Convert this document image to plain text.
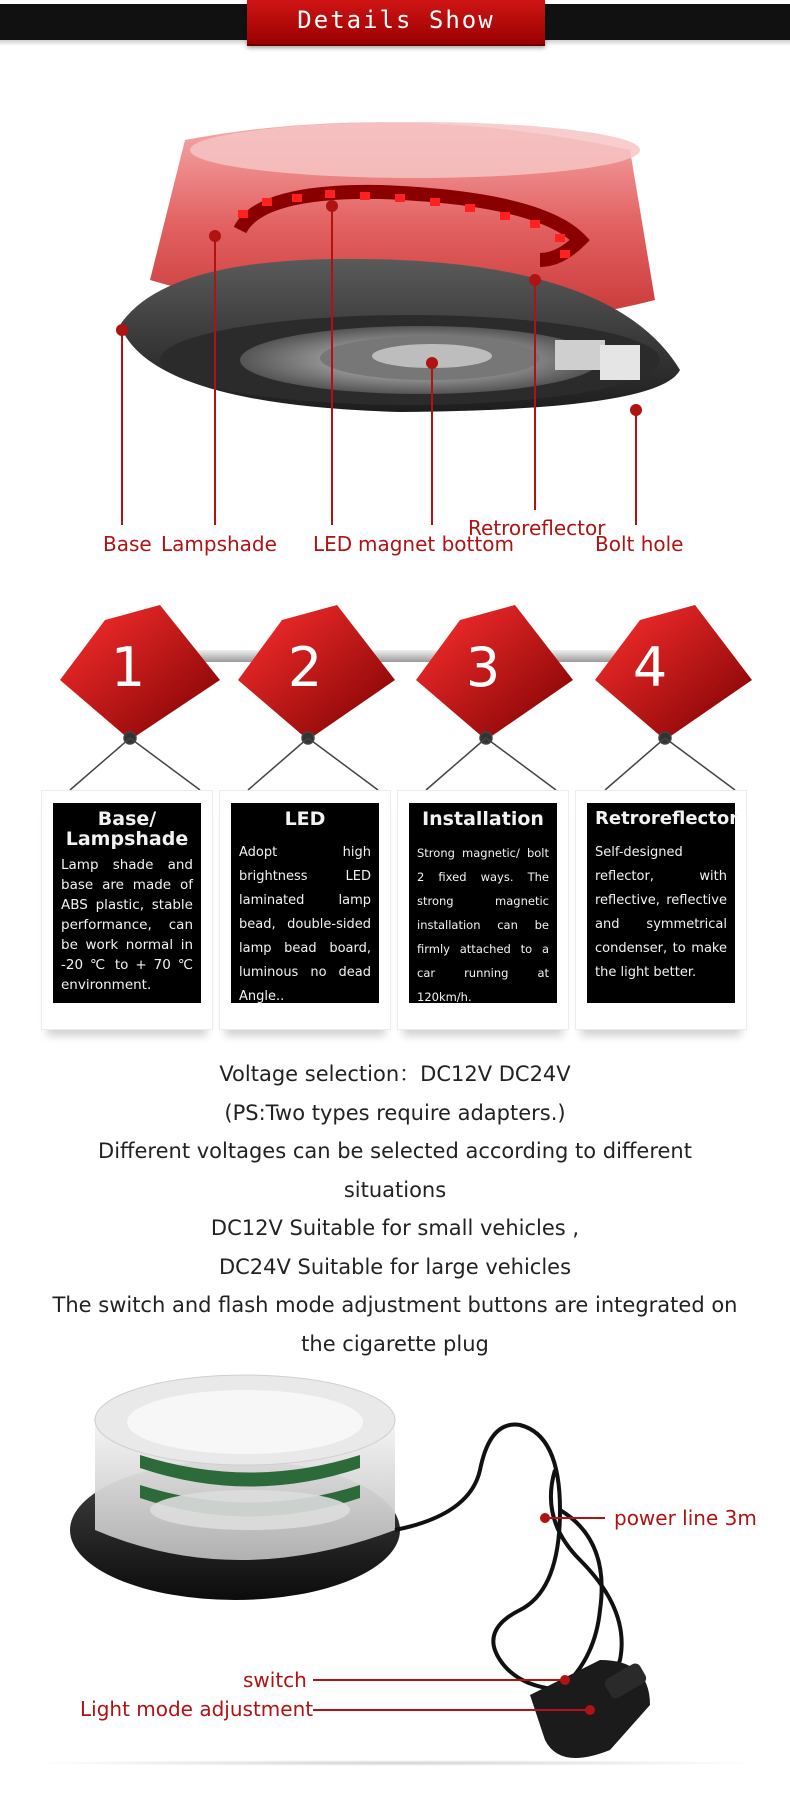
Details Show
Base Lampshade LED magnet bottom
Retroreflector
Bolt hole
1	2	3 4
Base/ Lampshade
Lamp shade and base are made of ABS plastic, stable performance, can be work normal in -20 ℃ to + 70 ℃ environment.
LED
Adopt high brightness LED laminated lamp bead, double-sided lamp bead board, luminous no dead Angle..
Installation
Strong magnetic/ bolt 2 fixed ways. The strong magnetic installation can be firmly attached to a car running at 120km/h.
Retroreflector
Self-designed reflector, with reflective, reflective and symmetrical condenser, to make the light better.
Voltage selection：DC12V DC24V
(PS:Two types require adapters.)
Different voltages can be selected according to different situations
DC12V Suitable for small vehicles ,
DC24V Suitable for large vehicles
The switch and flash mode adjustment buttons are integrated on the cigarette plug
power line 3m
switch
Light mode adjustment
